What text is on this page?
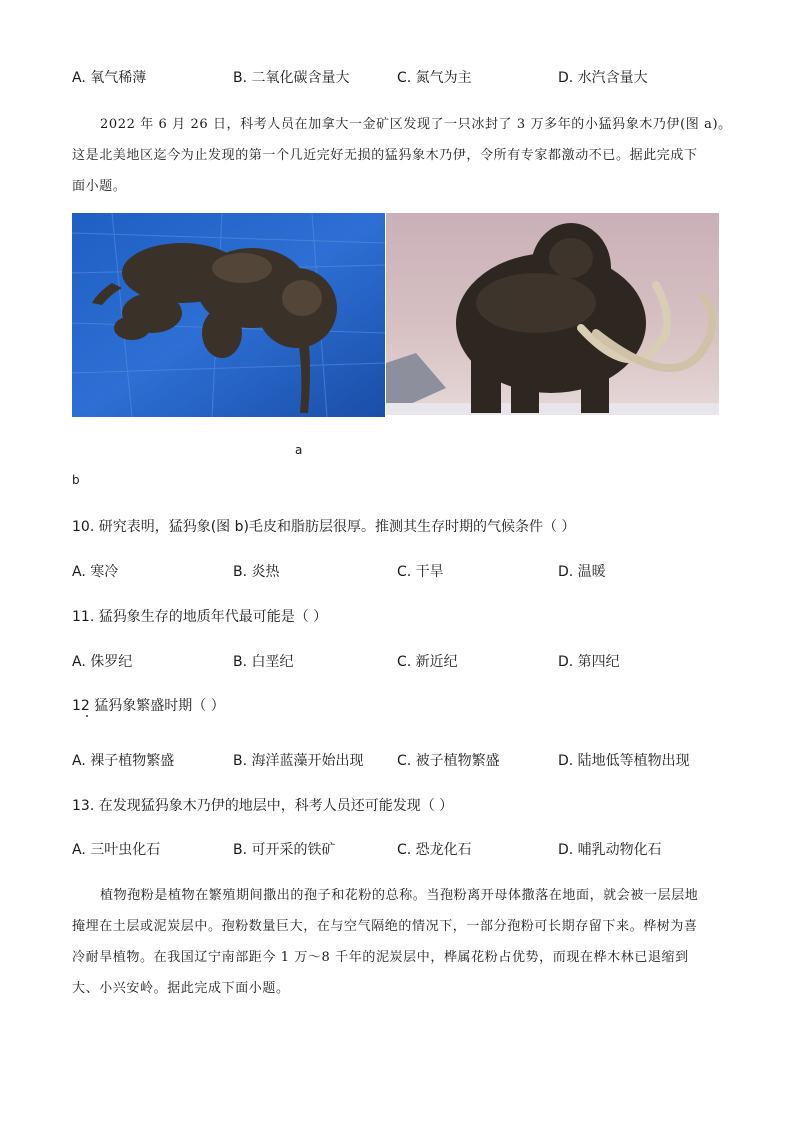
A. 氧气稀薄	B. 二氧化碳含量大	C. 氮气为主	D. 水汽含量大
2022 年 6 月 26 日，科考人员在加拿大一金矿区发现了一只冰封了 3 万多年的小猛犸象木乃伊(图 a)。
这是北美地区迄今为止发现的第一个几近完好无损的猛犸象木乃伊，令所有专家都激动不已。据此完成下
面小题。
a
b
10. 研究表明，猛犸象(图 b)毛皮和脂肪层很厚。推测其生存时期的气候条件（ ）
A. 寒冷	B. 炎热	C. 干旱	D. 温暖
11. 猛犸象生存的地质年代最可能是（ ）
A. 侏罗纪	B. 白垩纪	C. 新近纪	D. 第四纪
12 猛犸象繁盛时期（ ）
A. 裸子植物繁盛	B. 海洋蓝藻开始出现 C. 被子植物繁盛	D. 陆地低等植物出现
13. 在发现猛犸象木乃伊的地层中，科考人员还可能发现（ ）
A. 三叶虫化石	B. 可开采的铁矿	C. 恐龙化石	D. 哺乳动物化石
植物孢粉是植物在繁殖期间撒出的孢子和花粉的总称。当孢粉离开母体撒落在地面，就会被一层层地
掩埋在土层或泥炭层中。孢粉数量巨大，在与空气隔绝的情况下，一部分孢粉可长期存留下来。桦树为喜
冷耐旱植物。在我国辽宁南部距今 1 万～8 千年的泥炭层中，桦属花粉占优势，而现在桦木林已退缩到
大、小兴安岭。据此完成下面小题。
